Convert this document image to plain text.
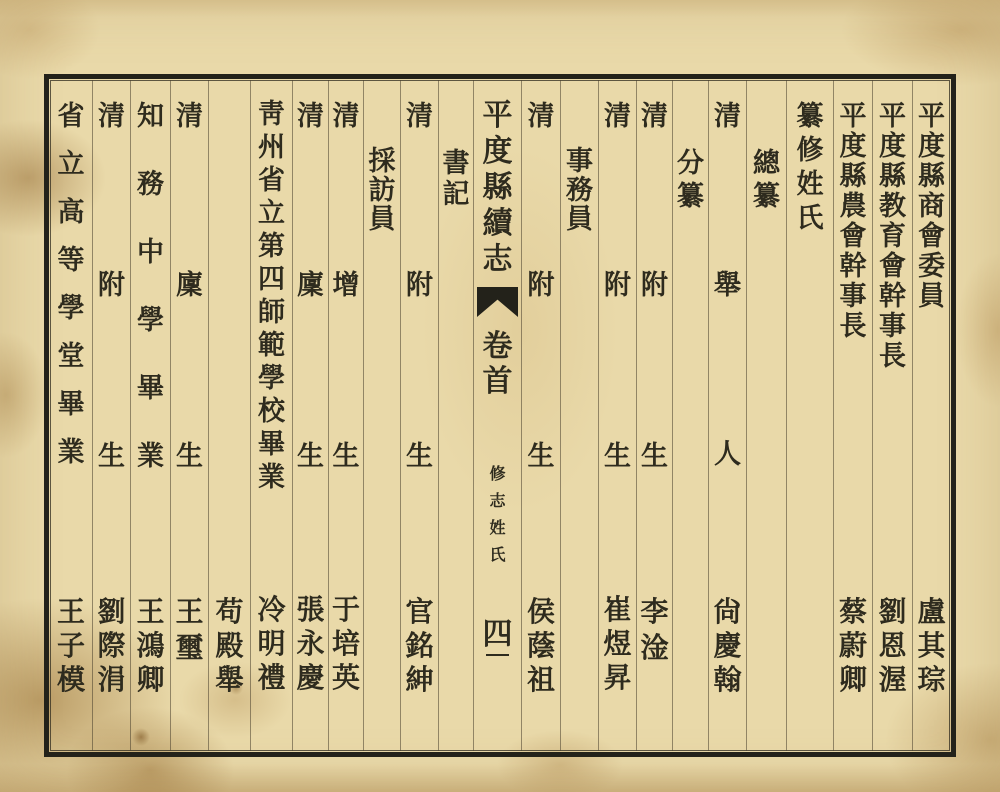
平
度
縣
商
會
委
員
盧
其
琮
平
度
縣
教
育
會
幹
事
長
劉
恩
渥
平
度
縣
農
會
幹
事
長
蔡
蔚
卿
纂
修
姓
氏
總
纂
清
舉
人
尙
慶
翰
分
纂
清
附
生
李
淦
清
附
生
崔
煜
昇
事
務
員
清
附
生
侯
蔭
祖
平
度
縣
續
志
卷
首
修
志
姓
氏
四
書
記
清
附
生
官
銘
紳
採
訪
員
清
增
生
于
培
英
清
廩
生
張
永
慶
靑
州
省
立
第
四
師
範
學
校
畢
業
冷
明
禮
苟
殿
舉
清
廩
生
王
璽
知
務
中
學
畢
業
王
鴻
卿
清
附
生
劉
際
涓
省
立
高
等
學
堂
畢
業
王
子
模
